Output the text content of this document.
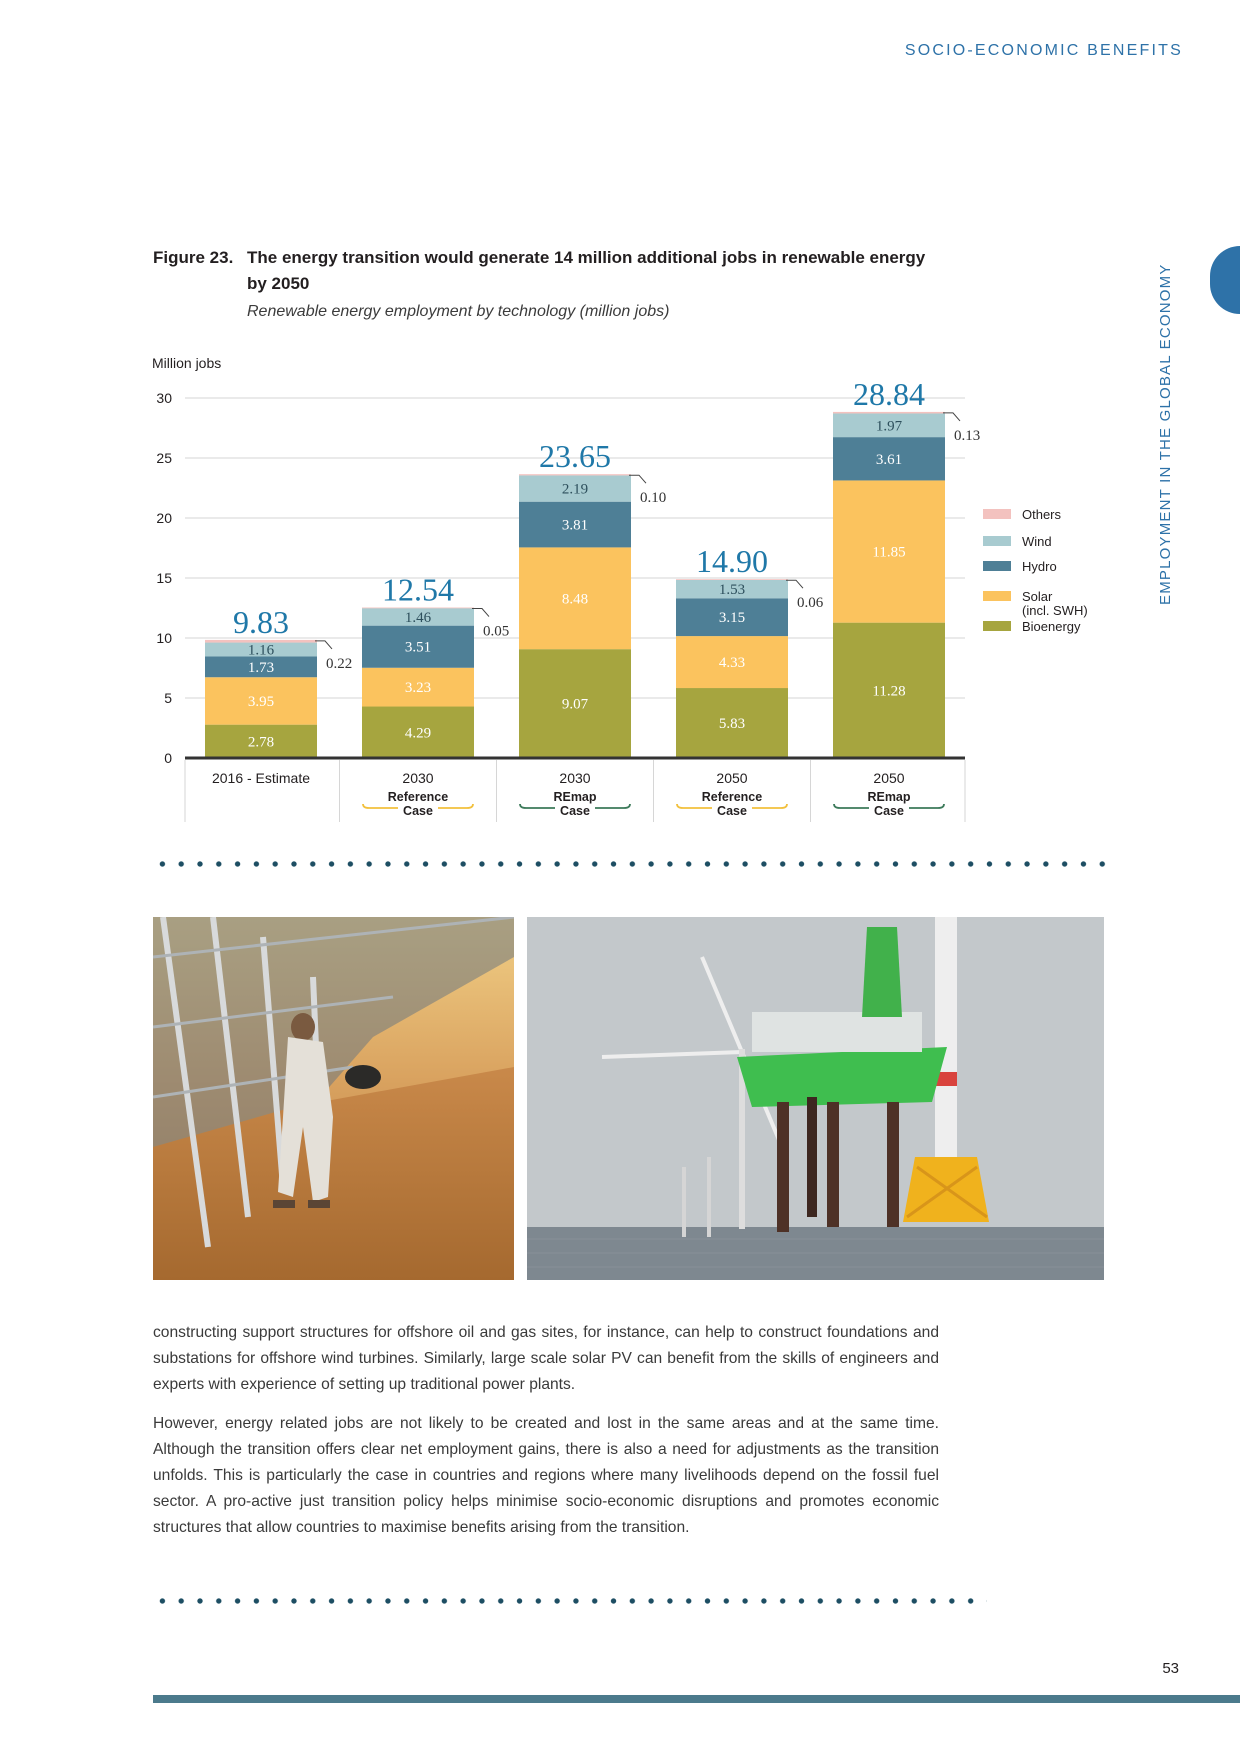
SOCIO-ECONOMIC BENEFITS
EMPLOYMENT IN THE GLOBAL ECONOMY
Figure 23. The energy transition would generate 14 million additional jobs in renewable energy by 2050
Renewable energy employment by technology (million jobs)
Million jobs
0
5
10
15
20
25
30
2.78
3.95
1.73
1.16
0.22
9.83
4.29
3.23
3.51
1.46
0.05
12.54
9.07
8.48
3.81
2.19
0.10
23.65
5.83
4.33
3.15
1.53
0.06
14.90
11.28
11.85
3.61
1.97
0.13
28.84
2016 - Estimate	2030
Reference
Case
2030
REmap
Case
2050
Reference
Case
2050
REmap
Case
Others
Wind
Hydro
Solar
(incl. SWH)
Bioenergy

constructing support structures for offshore oil and gas sites, for instance, can help to construct foundations and substations for offshore wind turbines. Similarly, large scale solar PV can benefit from the skills of engineers and experts with experience of setting up traditional power plants.

However, energy related jobs are not likely to be created and lost in the same areas and at the same time. Although the transition offers clear net employment gains, there is also a need for adjustments as the transition unfolds. This is particularly the case in countries and regions where many livelihoods depend on the fossil fuel sector. A pro-active just transition policy helps minimise socio-economic disruptions and promotes economic structures that allow countries to maximise benefits arising from the transition.

53
